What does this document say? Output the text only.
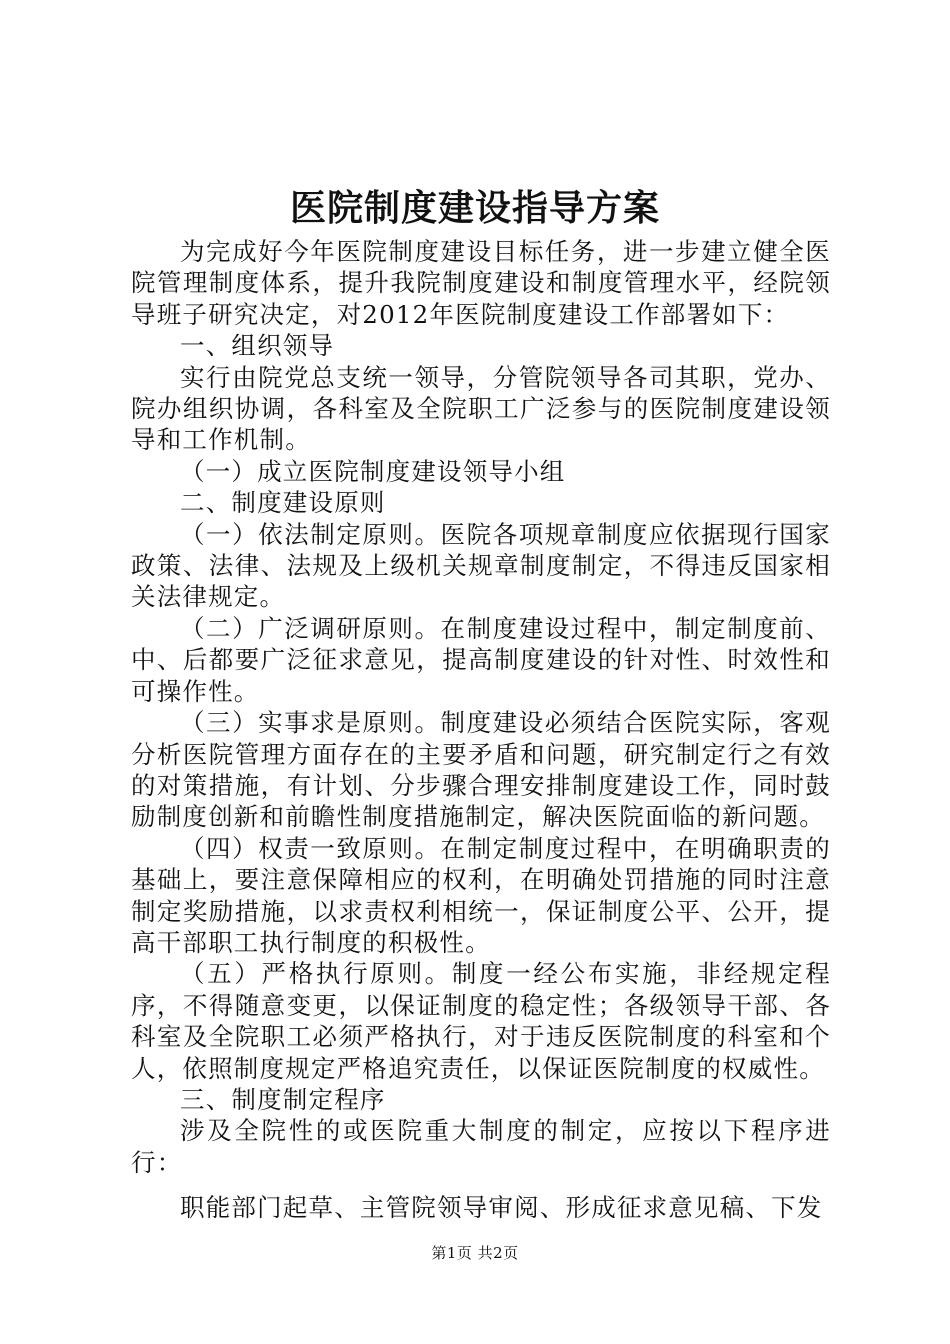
医院制度建设指导方案

为完成好今年医院制度建设目标任务，进一步建立健全医院管理制度体系，提升我院制度建设和制度管理水平，经院领导班子研究决定，对2012年医院制度建设工作部署如下：

一、组织领导

实行由院党总支统一领导，分管院领导各司其职，党办、院办组织协调，各科室及全院职工广泛参与的医院制度建设领导和工作机制。

（一）成立医院制度建设领导小组

二、制度建设原则

（一）依法制定原则。医院各项规章制度应依据现行国家政策、法律、法规及上级机关规章制度制定，不得违反国家相关法律规定。

（二）广泛调研原则。在制度建设过程中，制定制度前、中、后都要广泛征求意见，提高制度建设的针对性、时效性和可操作性。

（三）实事求是原则。制度建设必须结合医院实际，客观分析医院管理方面存在的主要矛盾和问题，研究制定行之有效的对策措施，有计划、分步骤合理安排制度建设工作，同时鼓励制度创新和前瞻性制度措施制定，解决医院面临的新问题。

（四）权责一致原则。在制定制度过程中，在明确职责的基础上，要注意保障相应的权利，在明确处罚措施的同时注意制定奖励措施，以求责权利相统一，保证制度公平、公开，提高干部职工执行制度的积极性。

（五）严格执行原则。制度一经公布实施，非经规定程序，不得随意变更，以保证制度的稳定性；各级领导干部、各科室及全院职工必须严格执行，对于违反医院制度的科室和个人，依照制度规定严格追究责任，以保证医院制度的权威性。

三、制度制定程序

涉及全院性的或医院重大制度的制定，应按以下程序进行：

职能部门起草、主管院领导审阅、形成征求意见稿、下发

第1页 共2页
